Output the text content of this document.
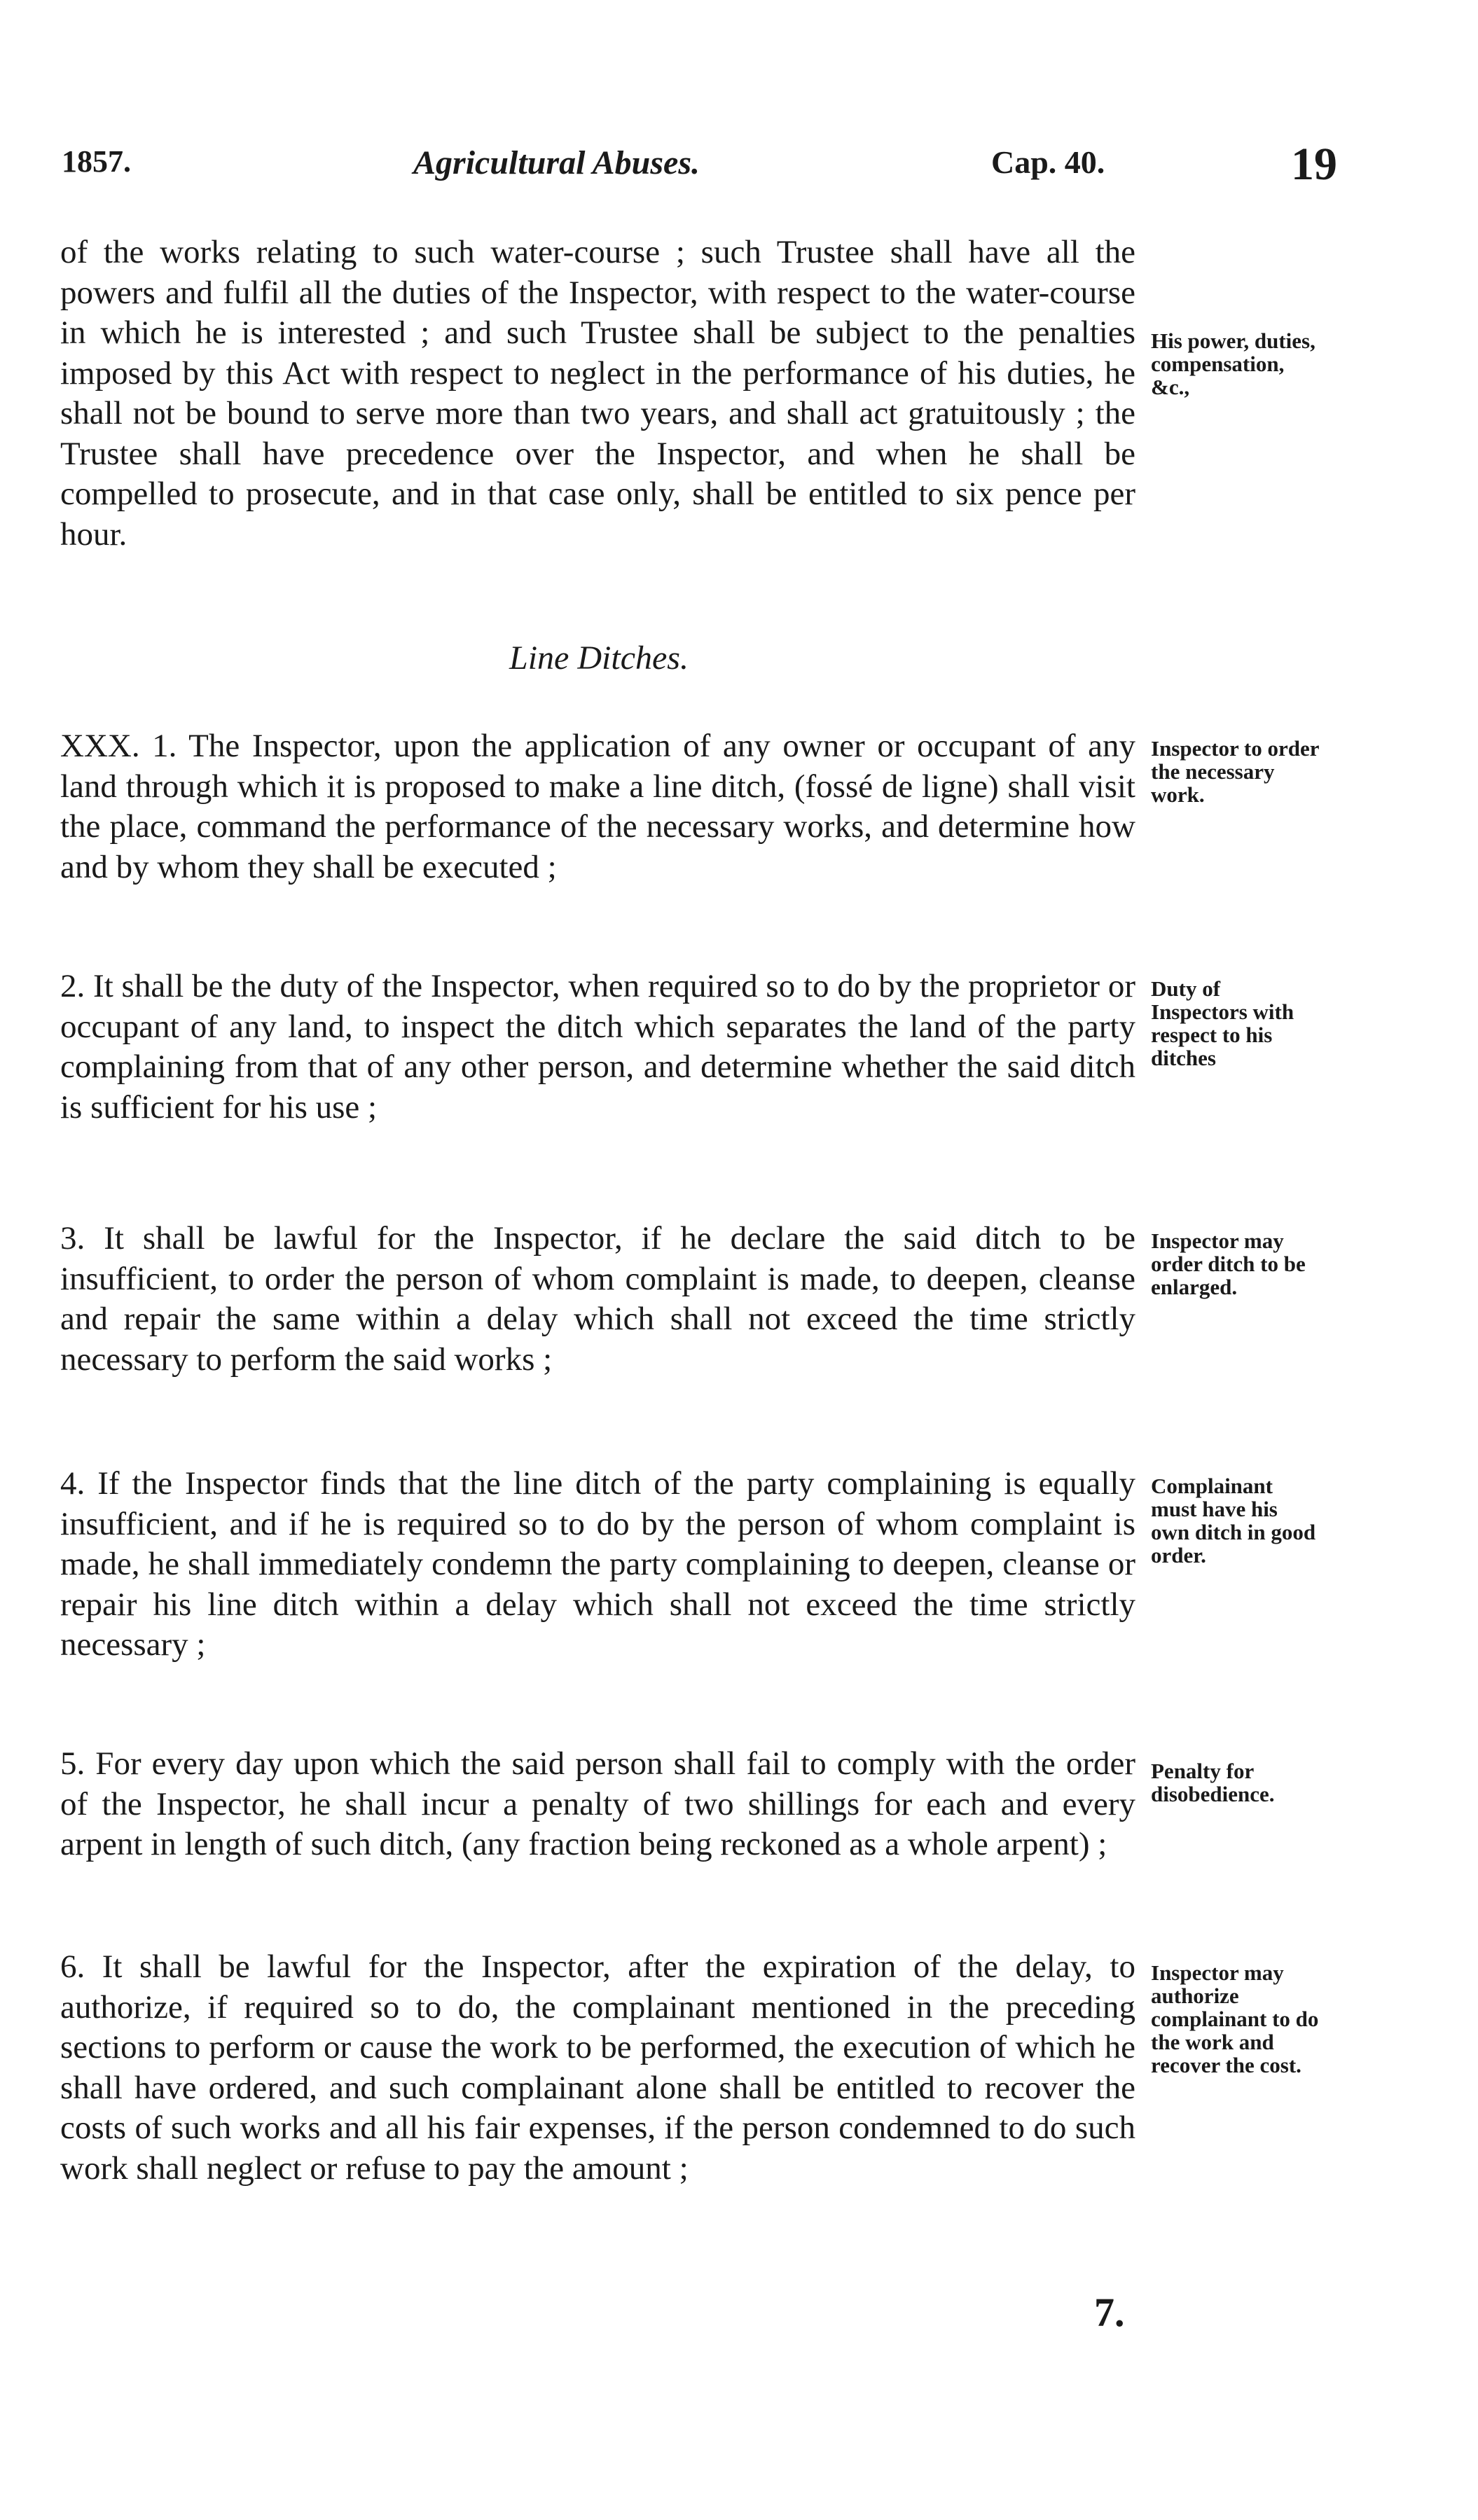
1857.	Agricultural Abuses.	Cap. 40.	19

of the works relating to such water-course ; such Trustee shall have all the powers and fulfil all the duties of the Inspector, with respect to the water-course in which he is interested ; and such Trustee shall be subject to the penalties imposed by this Act with respect to neglect in the performance of his duties, he shall not be bound to serve more than two years, and shall act gratuitously ; the Trustee shall have precedence over the Inspector, and when he shall be compelled to prosecute, and in that case only, shall be entitled to six pence per hour.

His power, duties, compensation, &c.,

Line Ditches.

XXX. 1. The Inspector, upon the application of any owner or occupant of any land through which it is proposed to make a line ditch, (fossé de ligne) shall visit the place, command the performance of the necessary works, and determine how and by whom they shall be executed ;

Inspector to order the necessary work.

2. It shall be the duty of the Inspector, when required so to do by the proprietor or occupant of any land, to inspect the ditch which separates the land of the party complaining from that of any other person, and determine whether the said ditch is sufficient for his use ;

Duty of Inspectors with respect to his ditches

3. It shall be lawful for the Inspector, if he declare the said ditch to be insufficient, to order the person of whom complaint is made, to deepen, cleanse and repair the same within a delay which shall not exceed the time strictly necessary to perform the said works ;

Inspector may order ditch to be enlarged.

4. If the Inspector finds that the line ditch of the party complaining is equally insufficient, and if he is required so to do by the person of whom complaint is made, he shall immediately condemn the party complaining to deepen, cleanse or repair his line ditch within a delay which shall not exceed the time strictly necessary ;

Complainant must have his own ditch in good order.

5. For every day upon which the said person shall fail to comply with the order of the Inspector, he shall incur a penalty of two shillings for each and every arpent in length of such ditch, (any fraction being reckoned as a whole arpent) ;

Penalty for disobedience.

6. It shall be lawful for the Inspector, after the expiration of the delay, to authorize, if required so to do, the complainant mentioned in the preceding sections to perform or cause the work to be performed, the execution of which he shall have ordered, and such complainant alone shall be entitled to recover the costs of such works and all his fair expenses, if the person condemned to do such work shall neglect or refuse to pay the amount ;

Inspector may authorize complainant to do the work and recover the cost.

7.
